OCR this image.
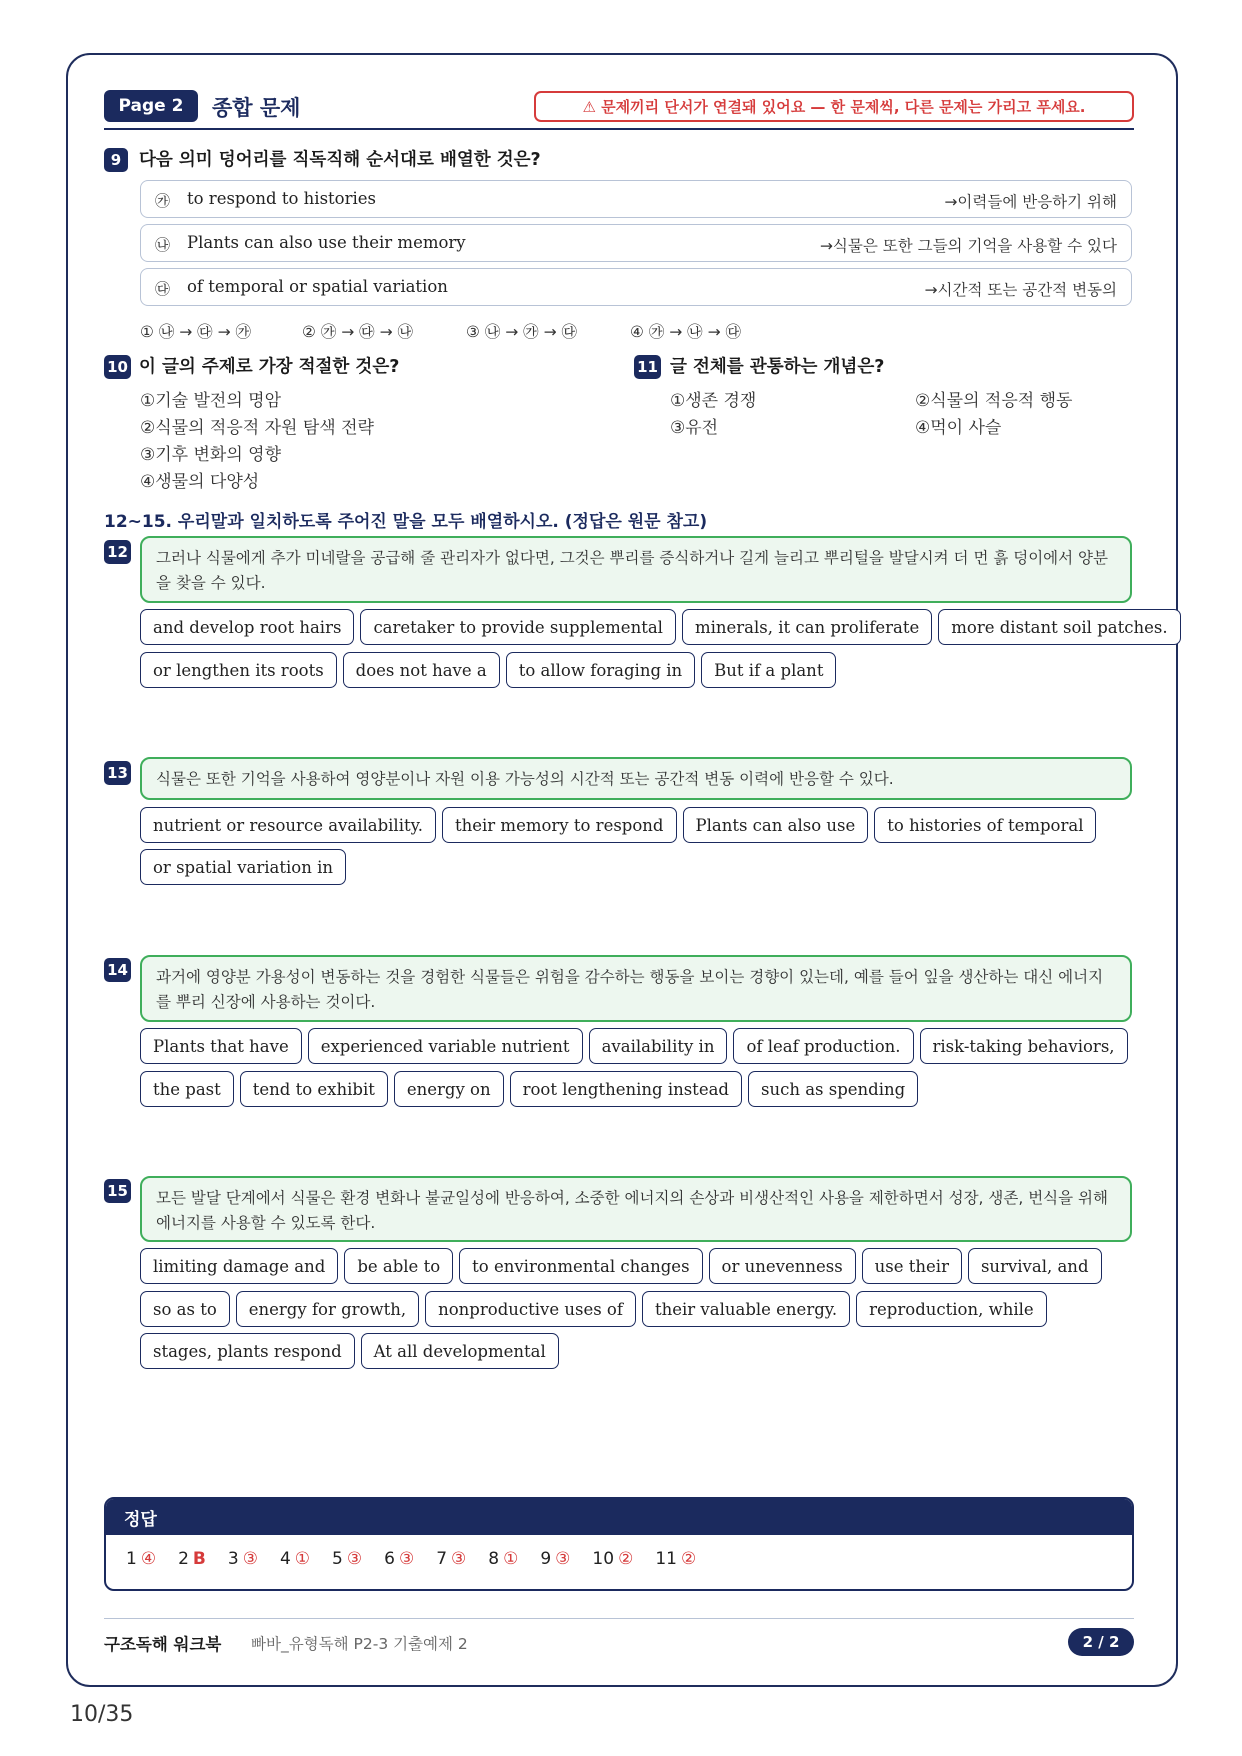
Page 2	종합 문제	⚠ 문제끼리 단서가 연결돼 있어요 — 한 문제씩, 다른 문제는 가리고 푸세요.
9	다음 의미 덩어리를 직독직해 순서대로 배열한 것은?
㉮ to respond to histories	→이력들에 반응하기 위해
㉯ Plants can also use their memory	→식물은 또한 그들의 기억을 사용할 수 있다
㉰ of temporal or spatial variation	→시간적 또는 공간적 변동의
① ㉯ → ㉰ → ㉮	② ㉮ → ㉰ → ㉯	③ ㉯ → ㉮ → ㉰	④ ㉮ → ㉯ → ㉰
10 이 글의 주제로 가장 적절한 것은?
①기술 발전의 명암
②식물의 적응적 자원 탐색 전략
③기후 변화의 영향
④생물의 다양성
11 글 전체를 관통하는 개념은?
①생존 경쟁	②식물의 적응적 행동
③유전	④먹이 사슬
12~15. 우리말과 일치하도록 주어진 말을 모두 배열하시오. (정답은 원문 참고)
12	그러나 식물에게 추가 미네랄을 공급해 줄 관리자가 없다면, 그것은 뿌리를 증식하거나 길게 늘리고 뿌리털을 발달시켜 더 먼 흙 덩이에서 양분을 찾을 수 있다.
and develop root hairs	caretaker to provide supplemental	minerals, it can proliferate	more distant soil patches.
or lengthen its roots	does not have a	to allow foraging in	But if a plant
13	식물은 또한 기억을 사용하여 영양분이나 자원 이용 가능성의 시간적 또는 공간적 변동 이력에 반응할 수 있다.
nutrient or resource availability.	their memory to respond	Plants can also use	to histories of temporal
or spatial variation in
14	과거에 영양분 가용성이 변동하는 것을 경험한 식물들은 위험을 감수하는 행동을 보이는 경향이 있는데, 예를 들어 잎을 생산하는 대신 에너지를 뿌리 신장에 사용하는 것이다.
Plants that have	experienced variable nutrient	availability in	of leaf production.	risk-taking behaviors,
the past	tend to exhibit	energy on	root lengthening instead	such as spending
15	모든 발달 단계에서 식물은 환경 변화나 불균일성에 반응하여, 소중한 에너지의 손상과 비생산적인 사용을 제한하면서 성장, 생존, 번식을 위해 에너지를 사용할 수 있도록 한다.
limiting damage and	be able to	to environmental changes	or unevenness	use their	survival, and
so as to	energy for growth,	nonproductive uses of	their valuable energy.	reproduction, while
stages, plants respond	At all developmental
정답
1 ④ 2 B 3 ③ 4 ① 5 ③ 6 ③ 7 ③ 8 ① 9 ③ 10 ② 11 ②
구조독해 워크북 빠바_유형독해 P2-3 기출예제 2	2 / 2
10/35
